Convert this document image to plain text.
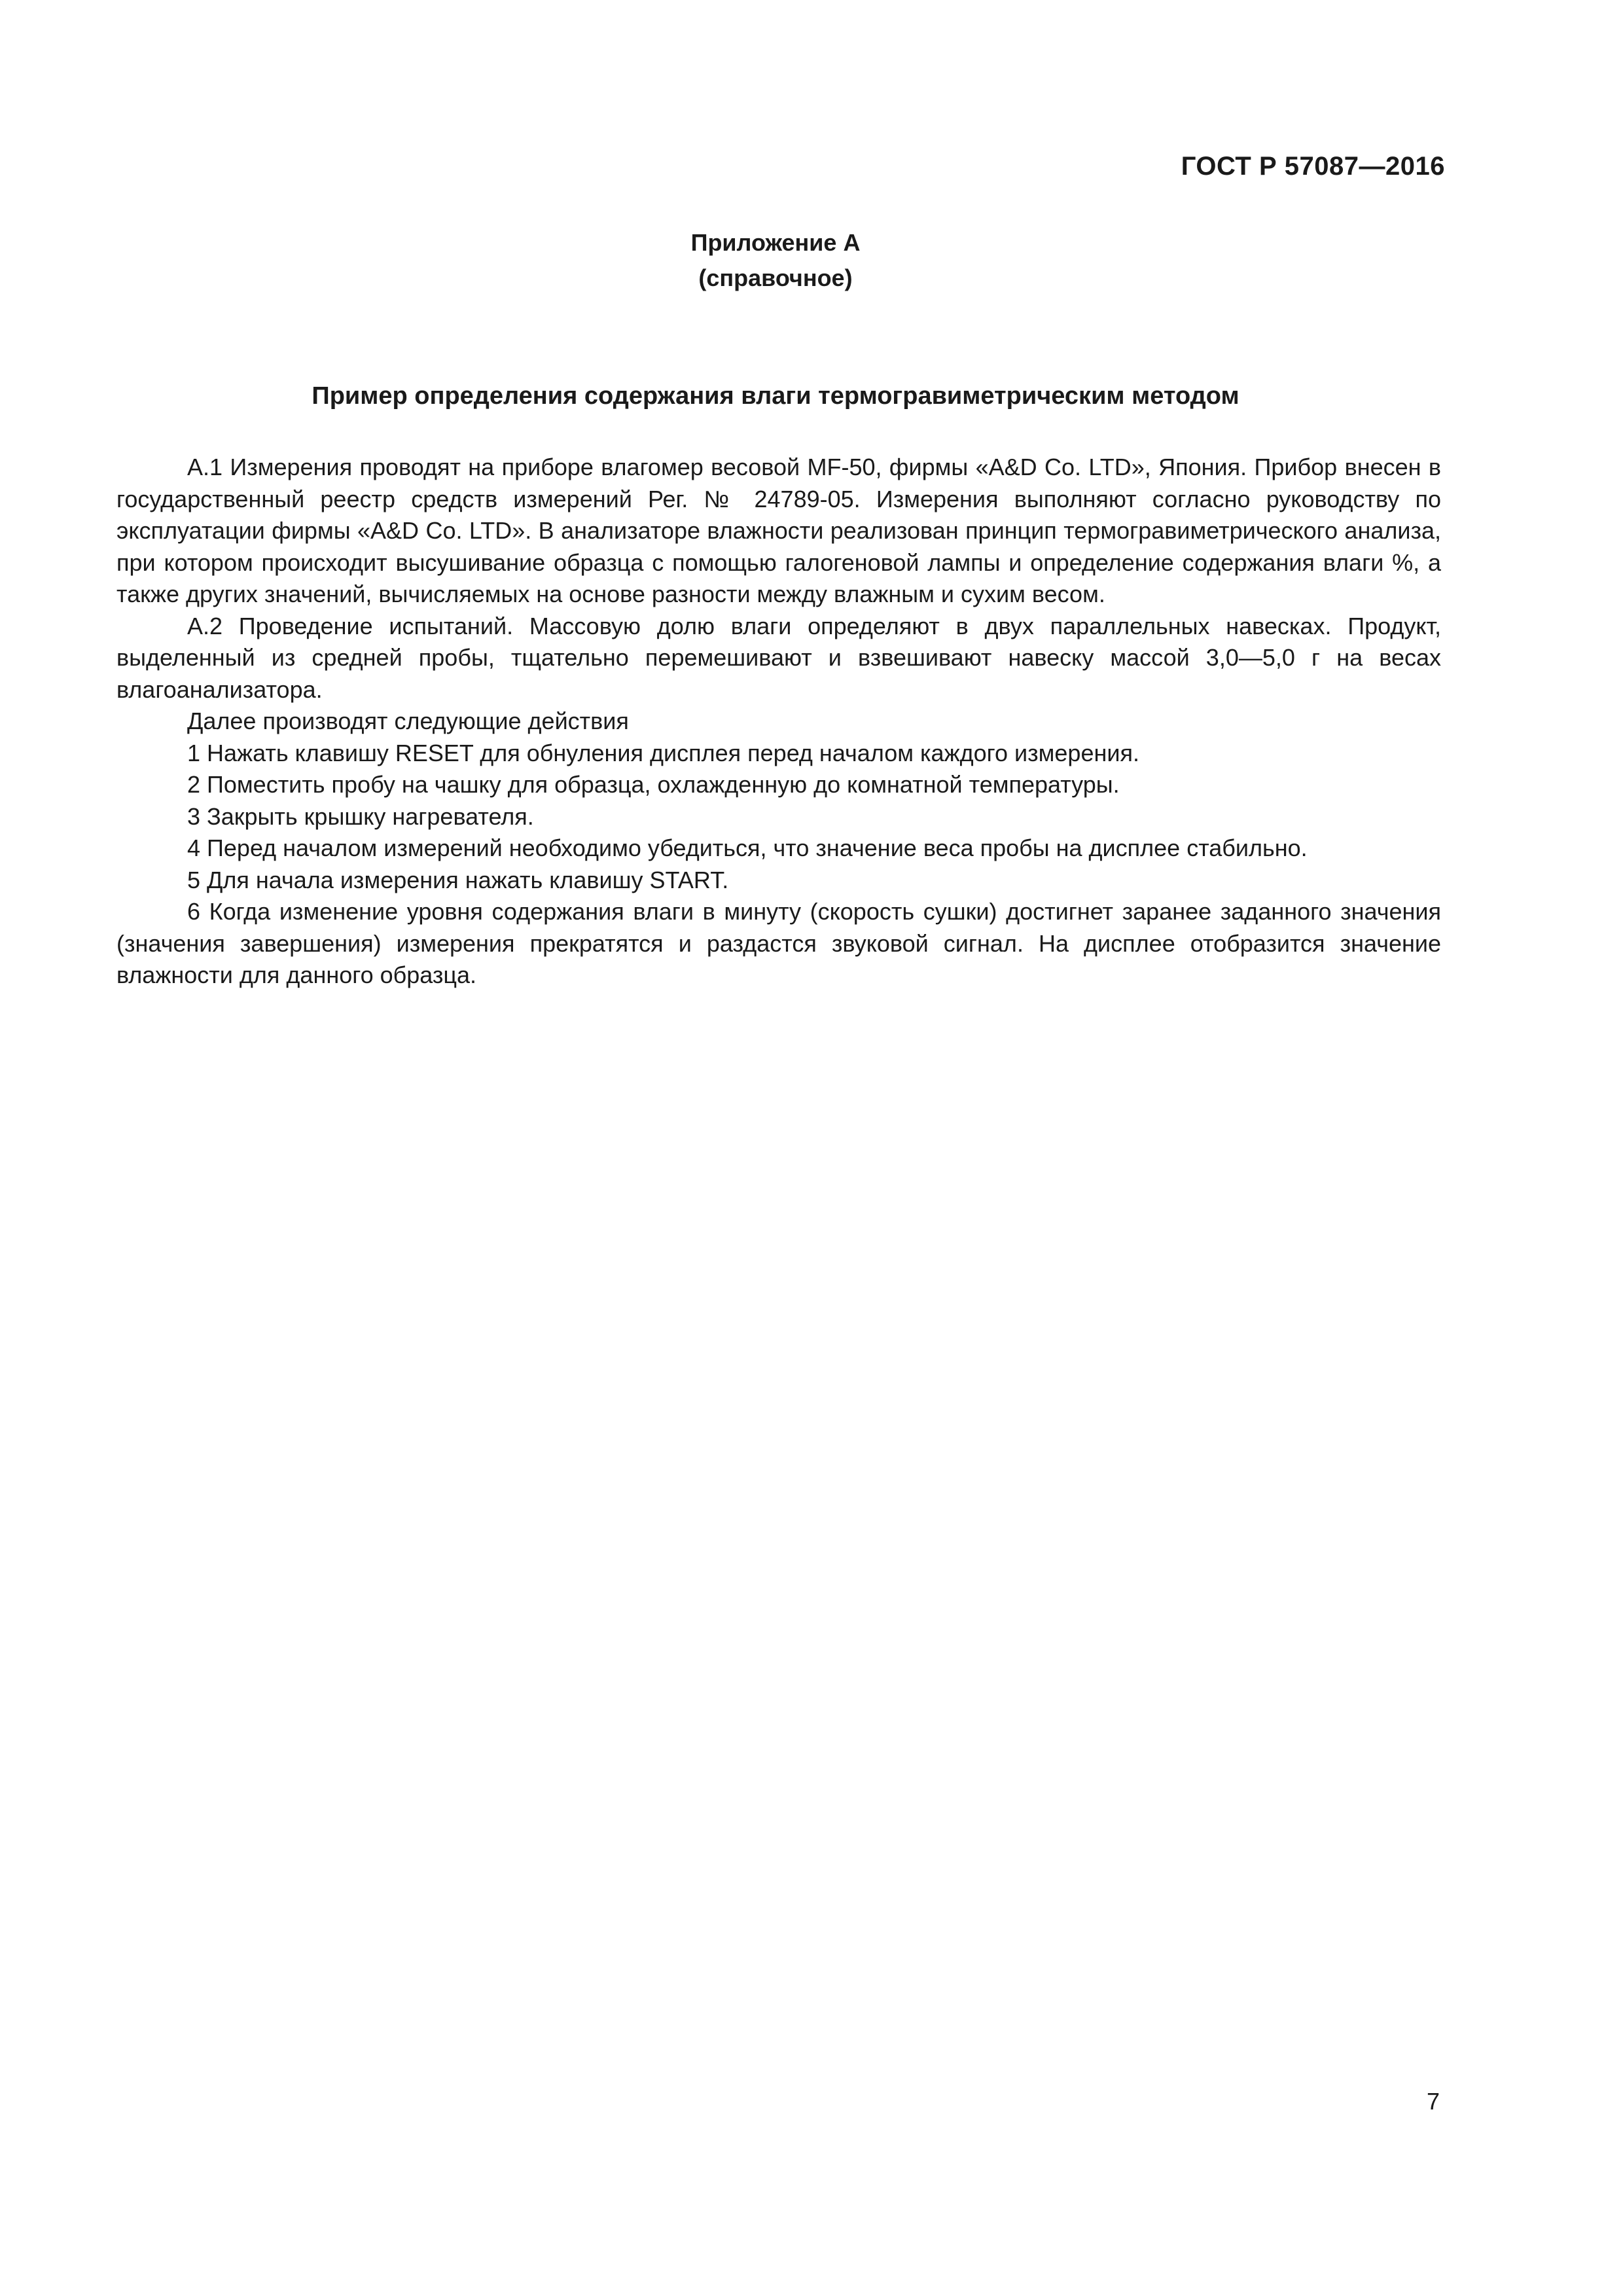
ГОСТ Р 57087—2016
Приложение А
(справочное)
Пример определения содержания влаги термогравиметрическим методом

А.1 Измерения проводят на приборе влагомер весовой MF-50, фирмы «A&D Co. LTD», Япония. Прибор внесен в государственный реестр средств измерений Рег. № 24789-05. Измерения выполняют согласно руководству по эксплуатации фирмы «A&D Co. LTD». В анализаторе влажности реализован принцип термогравиметрического анализа, при котором происходит высушивание образца с помощью галогеновой лампы и определение содержания влаги %, а также других значений, вычисляемых на основе разности между влажным и сухим весом.

А.2 Проведение испытаний. Массовую долю влаги определяют в двух параллельных навесках. Продукт, выделенный из средней пробы, тщательно перемешивают и взвешивают навеску массой 3,0—5,0 г на весах влагоанализатора.

Далее производят следующие действия

1 Нажать клавишу RESET для обнуления дисплея перед началом каждого измерения.

2 Поместить пробу на чашку для образца, охлажденную до комнатной температуры.

3 Закрыть крышку нагревателя.

4 Перед началом измерений необходимо убедиться, что значение веса пробы на дисплее стабильно.

5 Для начала измерения нажать клавишу START.

6 Когда изменение уровня содержания влаги в минуту (скорость сушки) достигнет заранее заданного значения (значения завершения) измерения прекратятся и раздастся звуковой сигнал. На дисплее отобразится значение влажности для данного образца.

7
